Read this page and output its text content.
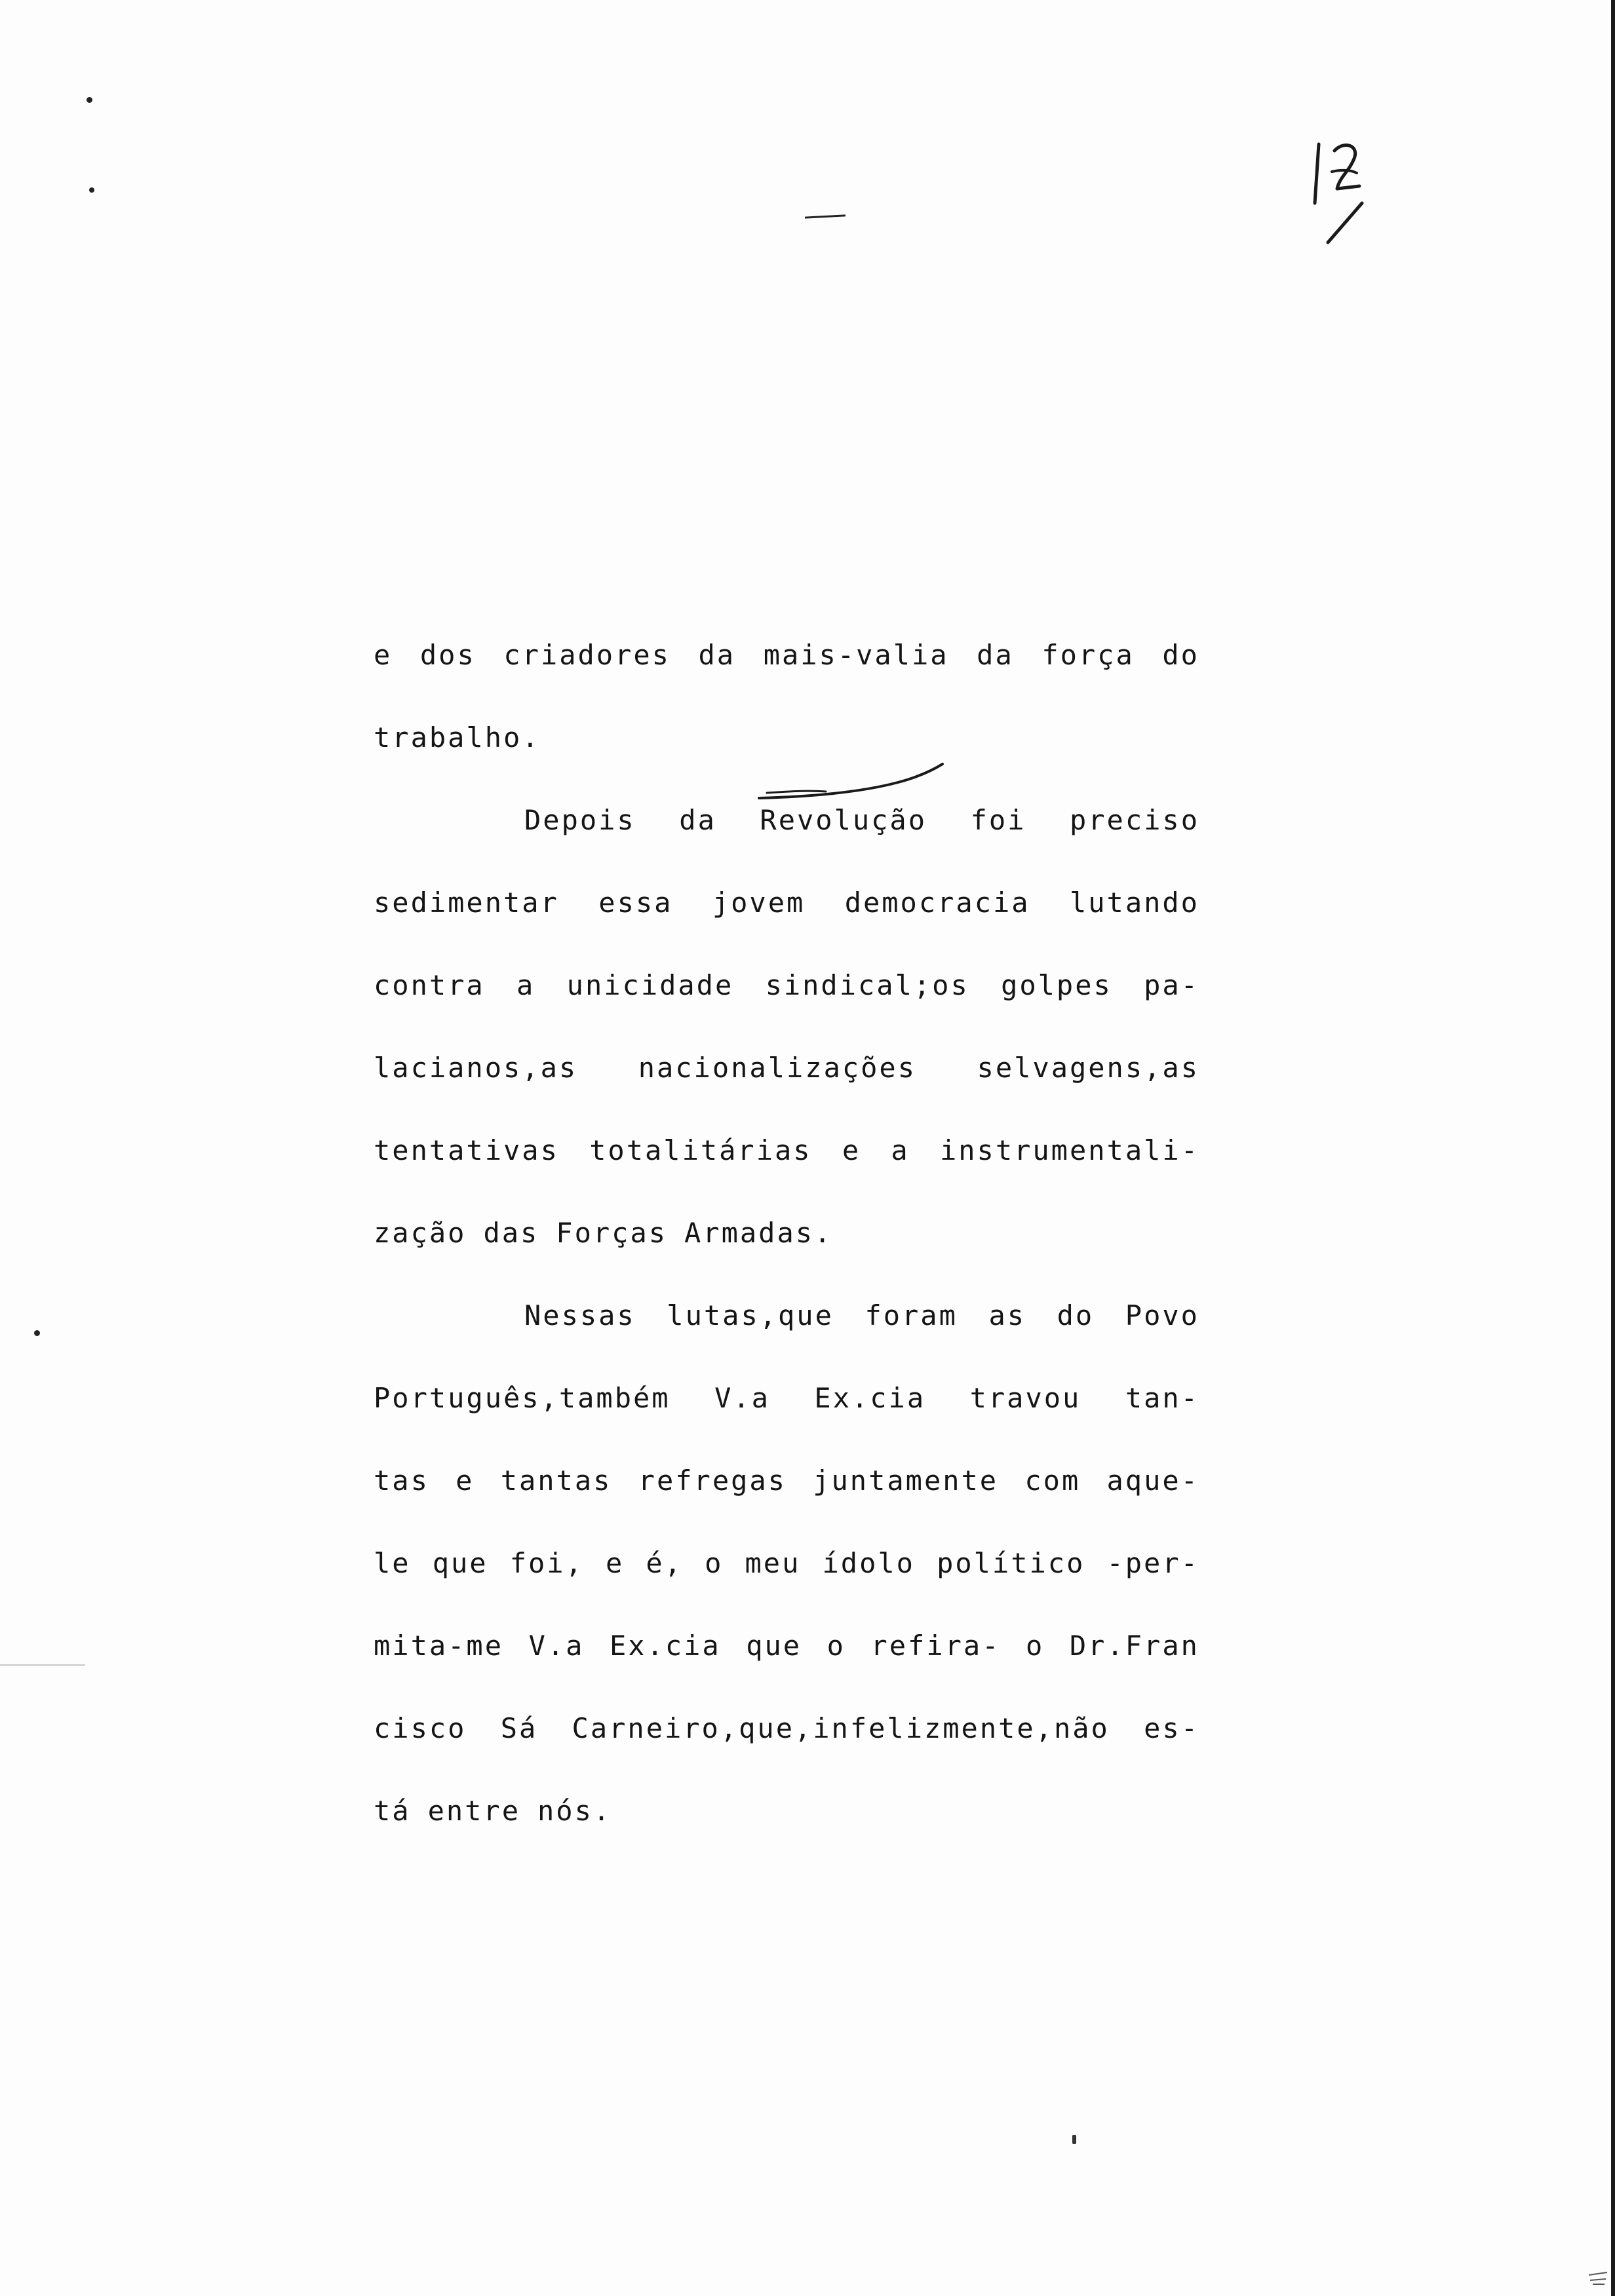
e dos criadores da mais-valia da força do
trabalho.
Depois da Revolução foi preciso
sedimentar essa jovem democracia lutando
contra a unicidade sindical;os golpes pa-
lacianos,as nacionalizações selvagens,as
tentativas totalitárias e a instrumentali-
zação das Forças Armadas.
Nessas lutas,que foram as do Povo
Português,também V.a Ex.cia travou tan-
tas e tantas refregas juntamente com aque-
le que foi, e é, o meu ídolo político -per-
mita-me V.a Ex.cia que o refira- o Dr.Fran
cisco Sá Carneiro,que,infelizmente,não es-
tá entre nós.
